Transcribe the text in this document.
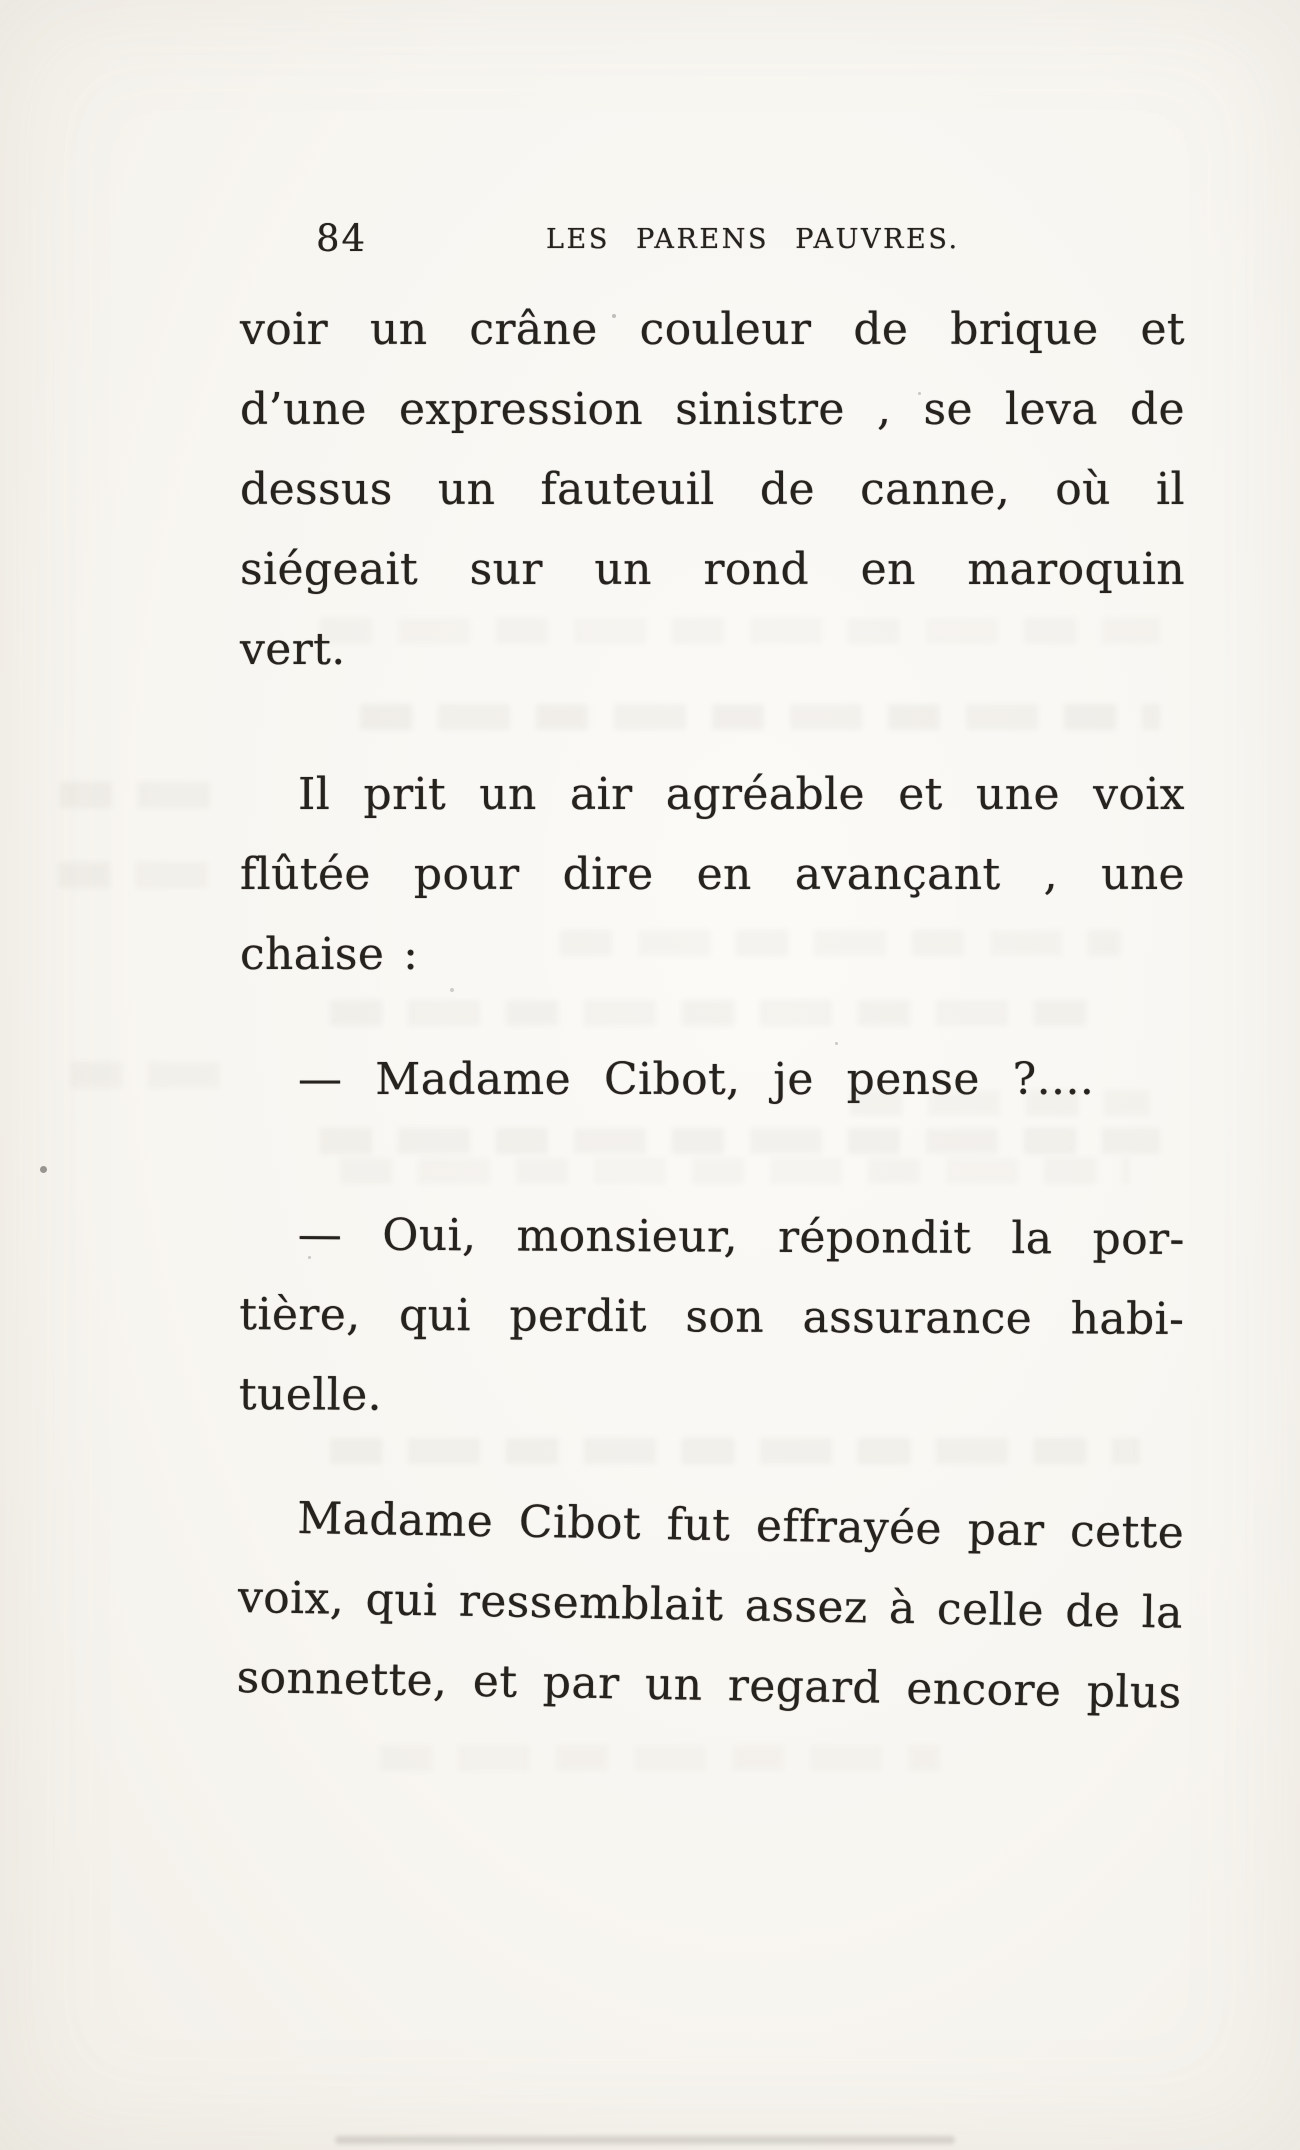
84	LES PARENS PAUVRES.
voir un crâne couleur de brique et
d’une expression sinistre , se leva de
dessus un fauteuil de canne, où il
siégeait sur un rond en maroquin
vert.
Il prit un air agréable et une voix
flûtée pour dire en avançant , une
chaise :
— Madame Cibot, je pense ?....
— Oui, monsieur, répondit la por-
tière, qui perdit son assurance habi-
tuelle.
Madame Cibot fut effrayée par cette
voix, qui ressemblait assez à celle de la
sonnette, et par un regard encore plus
